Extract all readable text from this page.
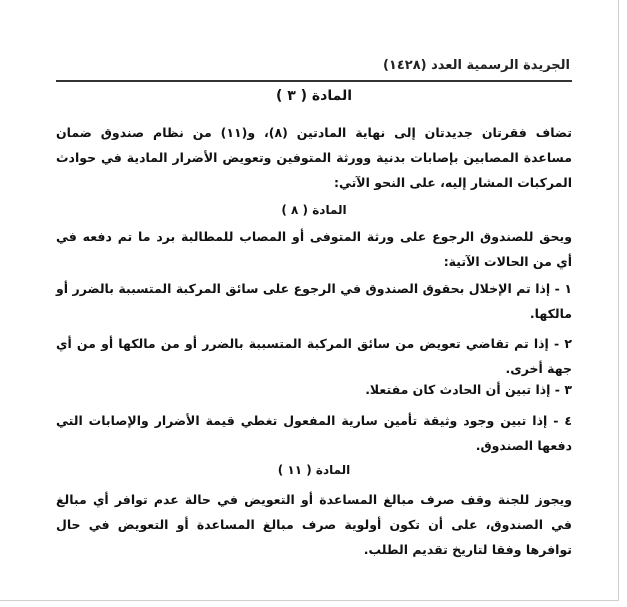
الجريدة الرسمية العدد (١٤٢٨)
المادة ( ٣ )
تضاف فقرتان جديدتان إلى نهاية المادتين (٨)، و(١١) من نظام صندوق ضمان مساعدة المصابين بإصابات بدنية وورثة المتوفين وتعويض الأضرار المادية في حوادث المركبات المشار إليه، على النحو الآتي:
المادة ( ٨ )
ويحق للصندوق الرجوع على ورثة المتوفى أو المصاب للمطالبة برد ما تم دفعه في أي من الحالات الآتية:
١ - إذا تم الإخلال بحقوق الصندوق في الرجوع على سائق المركبة المتسببة بالضرر أو مالكها.
٢ - إذا تم تقاضي تعويض من سائق المركبة المتسببة بالضرر أو من مالكها أو من أي جهة أخرى.
٣ - إذا تبين أن الحادث كان مفتعلا.
٤ - إذا تبين وجود وثيقة تأمين سارية المفعول تغطي قيمة الأضرار والإصابات التي دفعها الصندوق.
المادة ( ١١ )
ويجوز للجنة وقف صرف مبالغ المساعدة أو التعويض في حالة عدم توافر أي مبالغ في الصندوق، على أن تكون أولوية صرف مبالغ المساعدة أو التعويض في حال توافرها وفقا لتاريخ تقديم الطلب.
